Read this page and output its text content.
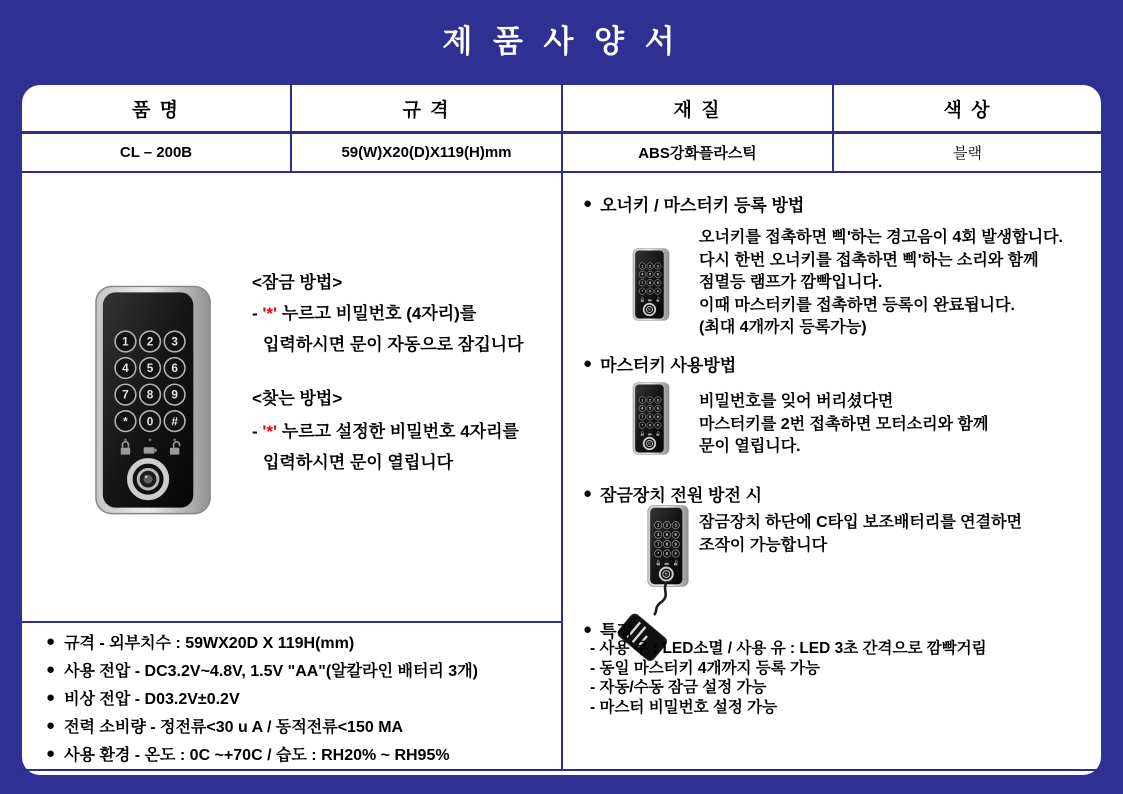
제 품 사 양 서
품 명	규 격	재 질	색 상
CL – 200B	59(W)X20(D)X119(H)mm	ABS강화플라스틱	블랙
1 2 3
4 5 6
7 8 9
* 0 #
<잠금 방법>
- '*' 누르고 비밀번호 (4자리)를
입력하시면 문이 자동으로 잠깁니다
<찾는 방법>
- '*' 누르고 설정한 비밀번호 4자리를
입력하시면 문이 열립니다
● 규격 - 외부치수 : 59WX20D X 119H(mm)
● 사용 전압 - DC3.2V~4.8V, 1.5V "AA"(알칼라인 배터리 3개)
● 비상 전압 - D03.2V±0.2V
● 전력 소비량 - 정전류<30 u A / 동적전류<150 MA
● 사용 환경 - 온도 : 0C ~+70C / 습도 : RH20% ~ RH95%
● 오너키 / 마스터키 등록 방법
1 2 3
4 5 6
7 8 9
* 0 #
오너키를 접촉하면 삑'하는 경고음이 4회 발생합니다.
다시 한번 오너키를 접촉하면 삑'하는 소리와 함께
점멸등 램프가 깜빡입니다.
이때 마스터키를 접촉하면 등록이 완료됩니다.
(최대 4개까지 등록가능)
● 마스터키 사용방법
1 2 3
4 5 6
7 8 9
* 0 #
비밀번호를 잊어 버리셨다면
마스터키를 2번 접촉하면 모터소리와 함께
문이 열립니다.
● 잠금장치 전원 방전 시
1 2 3
4 5 6
7 8 9
* 0 #
잠금장치 하단에 C타입 보조배터리를 연결하면
조작이 가능합니다
● 특징
- 사용 무 : LED소멸 / 사용 유 : LED 3초 간격으로 깜빡거림
- 동일 마스터키 4개까지 등록 가능
- 자동/수동 잠금 설정 가능
- 마스터 비밀번호 설정 가능
